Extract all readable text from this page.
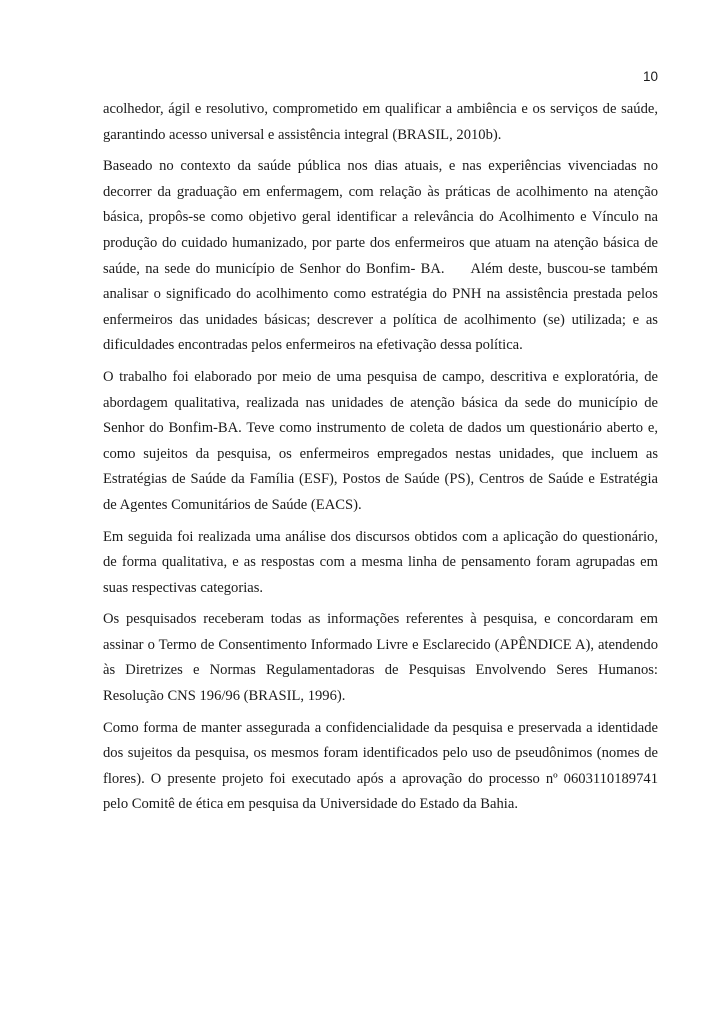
10

acolhedor, ágil e resolutivo, comprometido em qualificar a ambiência e os serviços de saúde, garantindo acesso universal e assistência integral (BRASIL, 2010b).

Baseado no contexto da saúde pública nos dias atuais, e nas experiências vivenciadas no decorrer da graduação em enfermagem, com relação às práticas de acolhimento na atenção básica, propôs-se como objetivo geral identificar a relevância do Acolhimento e Vínculo na produção do cuidado humanizado, por parte dos enfermeiros que atuam na atenção básica de saúde, na sede do município de Senhor do Bonfim- BA.     Além deste, buscou-se também analisar o significado do acolhimento como estratégia do PNH na assistência prestada pelos enfermeiros das unidades básicas; descrever a política de acolhimento (se) utilizada; e as dificuldades encontradas pelos enfermeiros na efetivação dessa política.

O trabalho foi elaborado por meio de uma pesquisa de campo, descritiva e exploratória, de abordagem qualitativa, realizada nas unidades de atenção básica da sede do município de Senhor do Bonfim-BA. Teve como instrumento de coleta de dados um questionário aberto e, como sujeitos da pesquisa, os enfermeiros empregados nestas unidades, que incluem as Estratégias de Saúde da Família (ESF), Postos de Saúde (PS), Centros de Saúde e Estratégia de Agentes Comunitários de Saúde (EACS).

Em seguida foi realizada uma análise dos discursos obtidos com a aplicação do questionário, de forma qualitativa, e as respostas com a mesma linha de pensamento foram agrupadas em suas respectivas categorias.

Os pesquisados receberam todas as informações referentes à pesquisa, e concordaram em assinar o Termo de Consentimento Informado Livre e Esclarecido (APÊNDICE A), atendendo às Diretrizes e Normas Regulamentadoras de Pesquisas Envolvendo Seres Humanos: Resolução CNS 196/96 (BRASIL, 1996).

Como forma de manter assegurada a confidencialidade da pesquisa e preservada a identidade dos sujeitos da pesquisa, os mesmos foram identificados pelo uso de pseudônimos (nomes de flores). O presente projeto foi executado após a aprovação do processo nº 0603110189741 pelo Comitê de ética em pesquisa da Universidade do Estado da Bahia.
